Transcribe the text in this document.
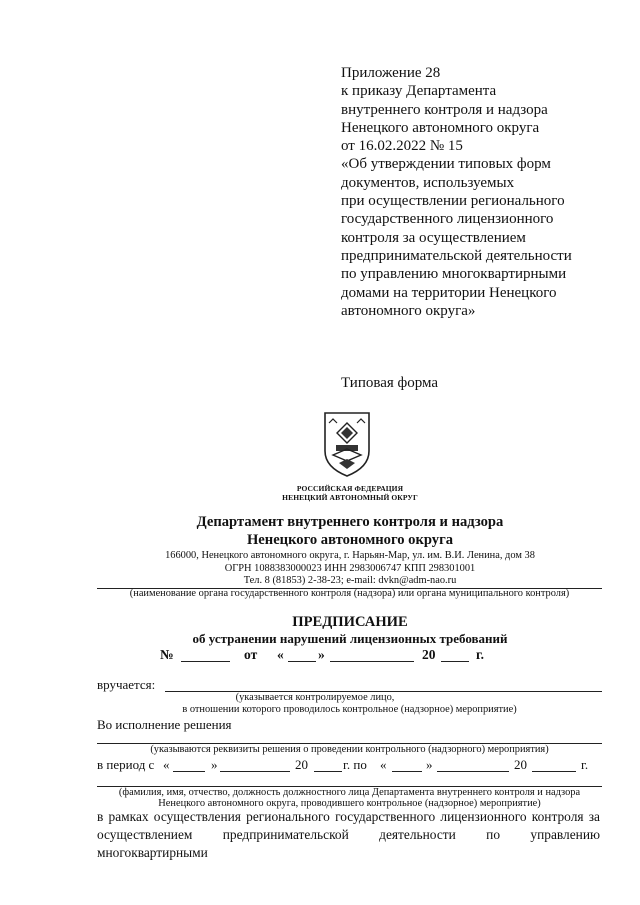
Приложение 28
к приказу Департамента
внутреннего контроля и надзора
Ненецкого автономного округа
от 16.02.2022 № 15
«Об утверждении типовых форм
документов, используемых
при осуществлении регионального
государственного лицензионного
контроля за осуществлением
предпринимательской деятельности
по управлению многоквартирными
домами на территории Ненецкого
автономного округа»
Типовая форма
РОССИЙСКАЯ ФЕДЕРАЦИЯ
НЕНЕЦКИЙ АВТОНОМНЫЙ ОКРУГ
Департамент внутреннего контроля и надзора
Ненецкого автономного округа
166000, Ненецкого автономного округа, г. Нарьян-Мар, ул. им. В.И. Ленина, дом 38
ОГРН 1088383000023 ИНН 2983006747 КПП 298301001
Тел. 8 (81853) 2-38-23; e-mail: dvkn@adm-nao.ru
(наименование органа государственного контроля (надзора) или органа муниципального контроля)
ПРЕДПИСАНИЕ
об устранении нарушений лицензионных требований
№	от «	»	20	г.
вручается:
(указывается контролируемое лицо,
в отношении которого проводилось контрольное (надзорное) мероприятие)
Во исполнение решения
(указываются реквизиты решения о проведении контрольного (надзорного) мероприятия)
в период с «	»	20	г. по	»	20	г.
«
(фамилия, имя, отчество, должность должностного лица Департамента внутреннего контроля и надзора
Ненецкого автономного округа, проводившего контрольное (надзорное) мероприятие)
в рамках осуществления регионального государственного лицензионного контроля за осуществлением предпринимательской деятельности по управлению многоквартирными
